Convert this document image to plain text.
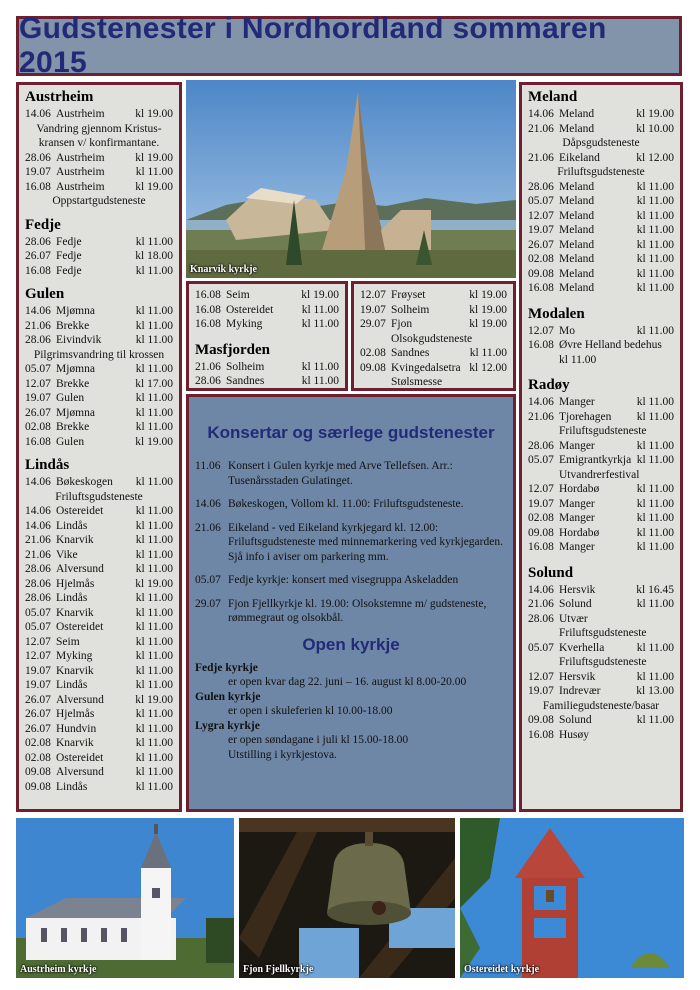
Gudstenester i Nordhordland sommaren 2015
Austrheim
14.06 Austrheim	kl 19.00
Vandring gjennom Kristus-
kransen v/ konfirmantane.
28.06 Austrheim	kl 19.00
19.07 Austrheim	kl 11.00
16.08 Austrheim	kl 19.00
Oppstartgudsteneste
Fedje
28.06 Fedje	kl 11.00
26.07 Fedje	kl 18.00
16.08 Fedje	kl 11.00
Gulen
14.06 Mjømna	kl 11.00
21.06 Brekke	kl 11.00
28.06 Eivindvik	kl 11.00
Pilgrimsvandring til krossen
05.07 Mjømna	kl 11.00
12.07 Brekke	kl 17.00
19.07 Gulen	kl 11.00
26.07 Mjømna	kl 11.00
02.08 Brekke	kl 11.00
16.08 Gulen	kl 19.00
Lindås
14.06 Bøkeskogen	kl 11.00
Friluftsgudsteneste
14.06 Ostereidet	kl 11.00
14.06 Lindås	kl 11.00
21.06 Knarvik	kl 11.00
21.06 Vike	kl 11.00
28.06 Alversund	kl 11.00
28.06 Hjelmås	kl 19.00
28.06 Lindås	kl 11.00
05.07 Knarvik	kl 11.00
05.07 Ostereidet	kl 11.00
12.07 Seim	kl 11.00
12.07 Myking	kl 11.00
19.07 Knarvik	kl 11.00
19.07 Lindås	kl 11.00
26.07 Alversund	kl 19.00
26.07 Hjelmås	kl 11.00
26.07 Hundvin	kl 11.00
02.08 Knarvik	kl 11.00
02.08 Ostereidet	kl 11.00
09.08 Alversund	kl 11.00
09.08 Lindås	kl 11.00
Knarvik kyrkje
16.08 Seim	kl 19.00
16.08 Ostereidet	kl 11.00
16.08 Myking	kl 11.00
Masfjorden
21.06 Solheim	kl 11.00
28.06 Sandnes	kl 11.00
12.07 Frøyset	kl 19.00
19.07 Solheim	kl 19.00
29.07 Fjon	kl 19.00
Olsokgudsteneste
02.08 Sandnes	kl 11.00
09.08 Kvingedalsetra kl 12.00
Stølsmesse
Konsertar og særlege gudstenester
11.06 Konsert i Gulen kyrkje med Arve Tellefsen. Arr.: Tusenårsstaden Gulatinget.
14.06 Bøkeskogen, Vollom kl. 11.00: Friluftsgudsteneste.
21.06 Eikeland - ved Eikeland kyrkjegard kl. 12.00: Friluftsgudsteneste med minnemarkering ved kyrkjegarden. Sjå info i aviser om parkering mm.
05.07 Fedje kyrkje: konsert med visegruppa Askeladden
29.07 Fjon Fjellkyrkje kl. 19.00: Olsokstemne m/ gudsteneste, rømmegraut og olsokbål.
Open kyrkje
Fedje kyrkje
er open kvar dag 22. juni – 16. august kl 8.00-20.00
Gulen kyrkje
er open i skuleferien kl 10.00-18.00
Lygra kyrkje
er open søndagane i juli kl 15.00-18.00
Utstilling i kyrkjestova.
Meland
14.06 Meland	kl 19.00
21.06 Meland	kl 10.00
Dåpsgudsteneste
21.06 Eikeland	kl 12.00
Friluftsgudsteneste
28.06 Meland	kl 11.00
05.07 Meland	kl 11.00
12.07 Meland	kl 11.00
19.07 Meland	kl 11.00
26.07 Meland	kl 11.00
02.08 Meland	kl 11.00
09.08 Meland	kl 11.00
16.08 Meland	kl 11.00
Modalen
12.07 Mo	kl 11.00
16.08 Øvre Helland bedehus
kl 11.00
Radøy
14.06 Manger	kl 11.00
21.06 Tjorehagen	kl 11.00
Friluftsgudsteneste
28.06 Manger	kl 11.00
05.07 Emigrantkyrkja kl 11.00
Utvandrerfestival
12.07 Hordabø	kl 11.00
19.07 Manger	kl 11.00
02.08 Manger	kl 11.00
09.08 Hordabø	kl 11.00
16.08 Manger	kl 11.00
Solund
14.06 Hersvik	kl 16.45
21.06 Solund	kl 11.00
28.06 Utvær
Friluftsgudsteneste
05.07 Kverhella	kl 11.00
Friluftsgudsteneste
12.07 Hersvik	kl 11.00
19.07 Indrevær	kl 13.00
Familiegudsteneste/basar
09.08 Solund	kl 11.00
16.08 Husøy
Austrheim kyrkje	Fjon Fjellkyrkje	Ostereidet kyrkje
